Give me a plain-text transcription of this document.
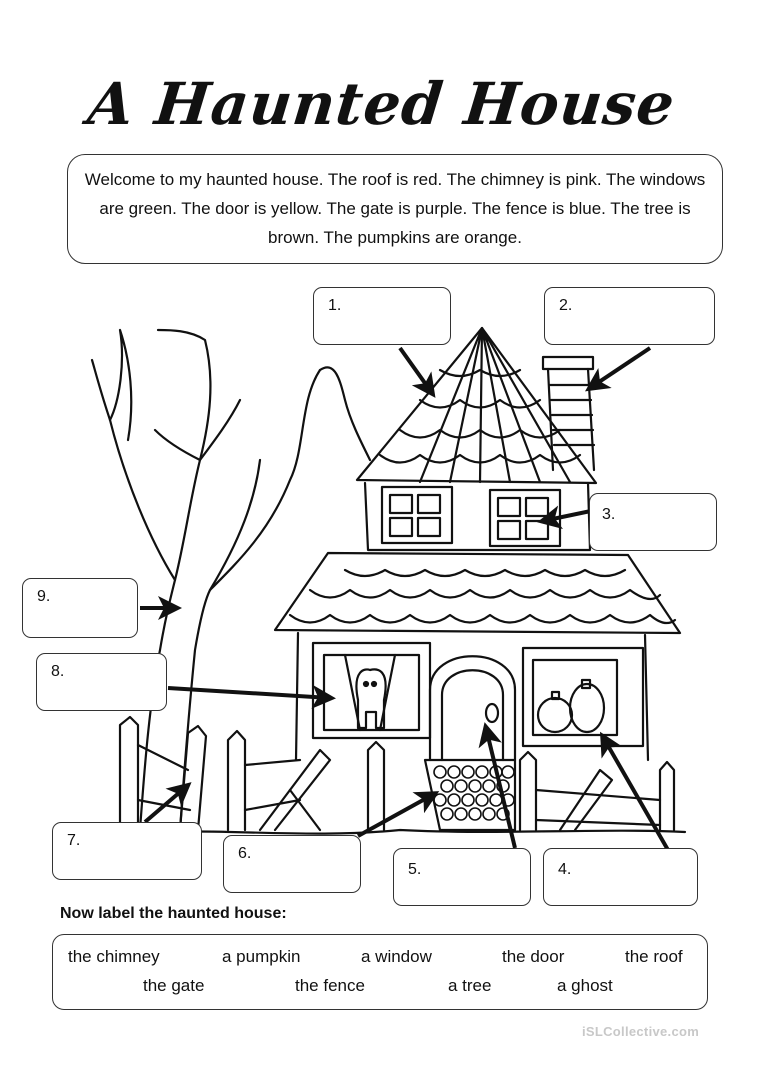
A Haunted House
Welcome to my haunted house. The roof is red. The chimney is pink. The windows are green. The door is yellow. The gate is purple. The fence is blue. The tree is brown. The pumpkins are orange.
1.	2.
3.
4.
5.
6.
7.
8.
9.
Now label the haunted house:
the chimney	a pumpkin	a window	the door	the roof
the gate	the fence	a tree	a ghost
iSLCollective.com
